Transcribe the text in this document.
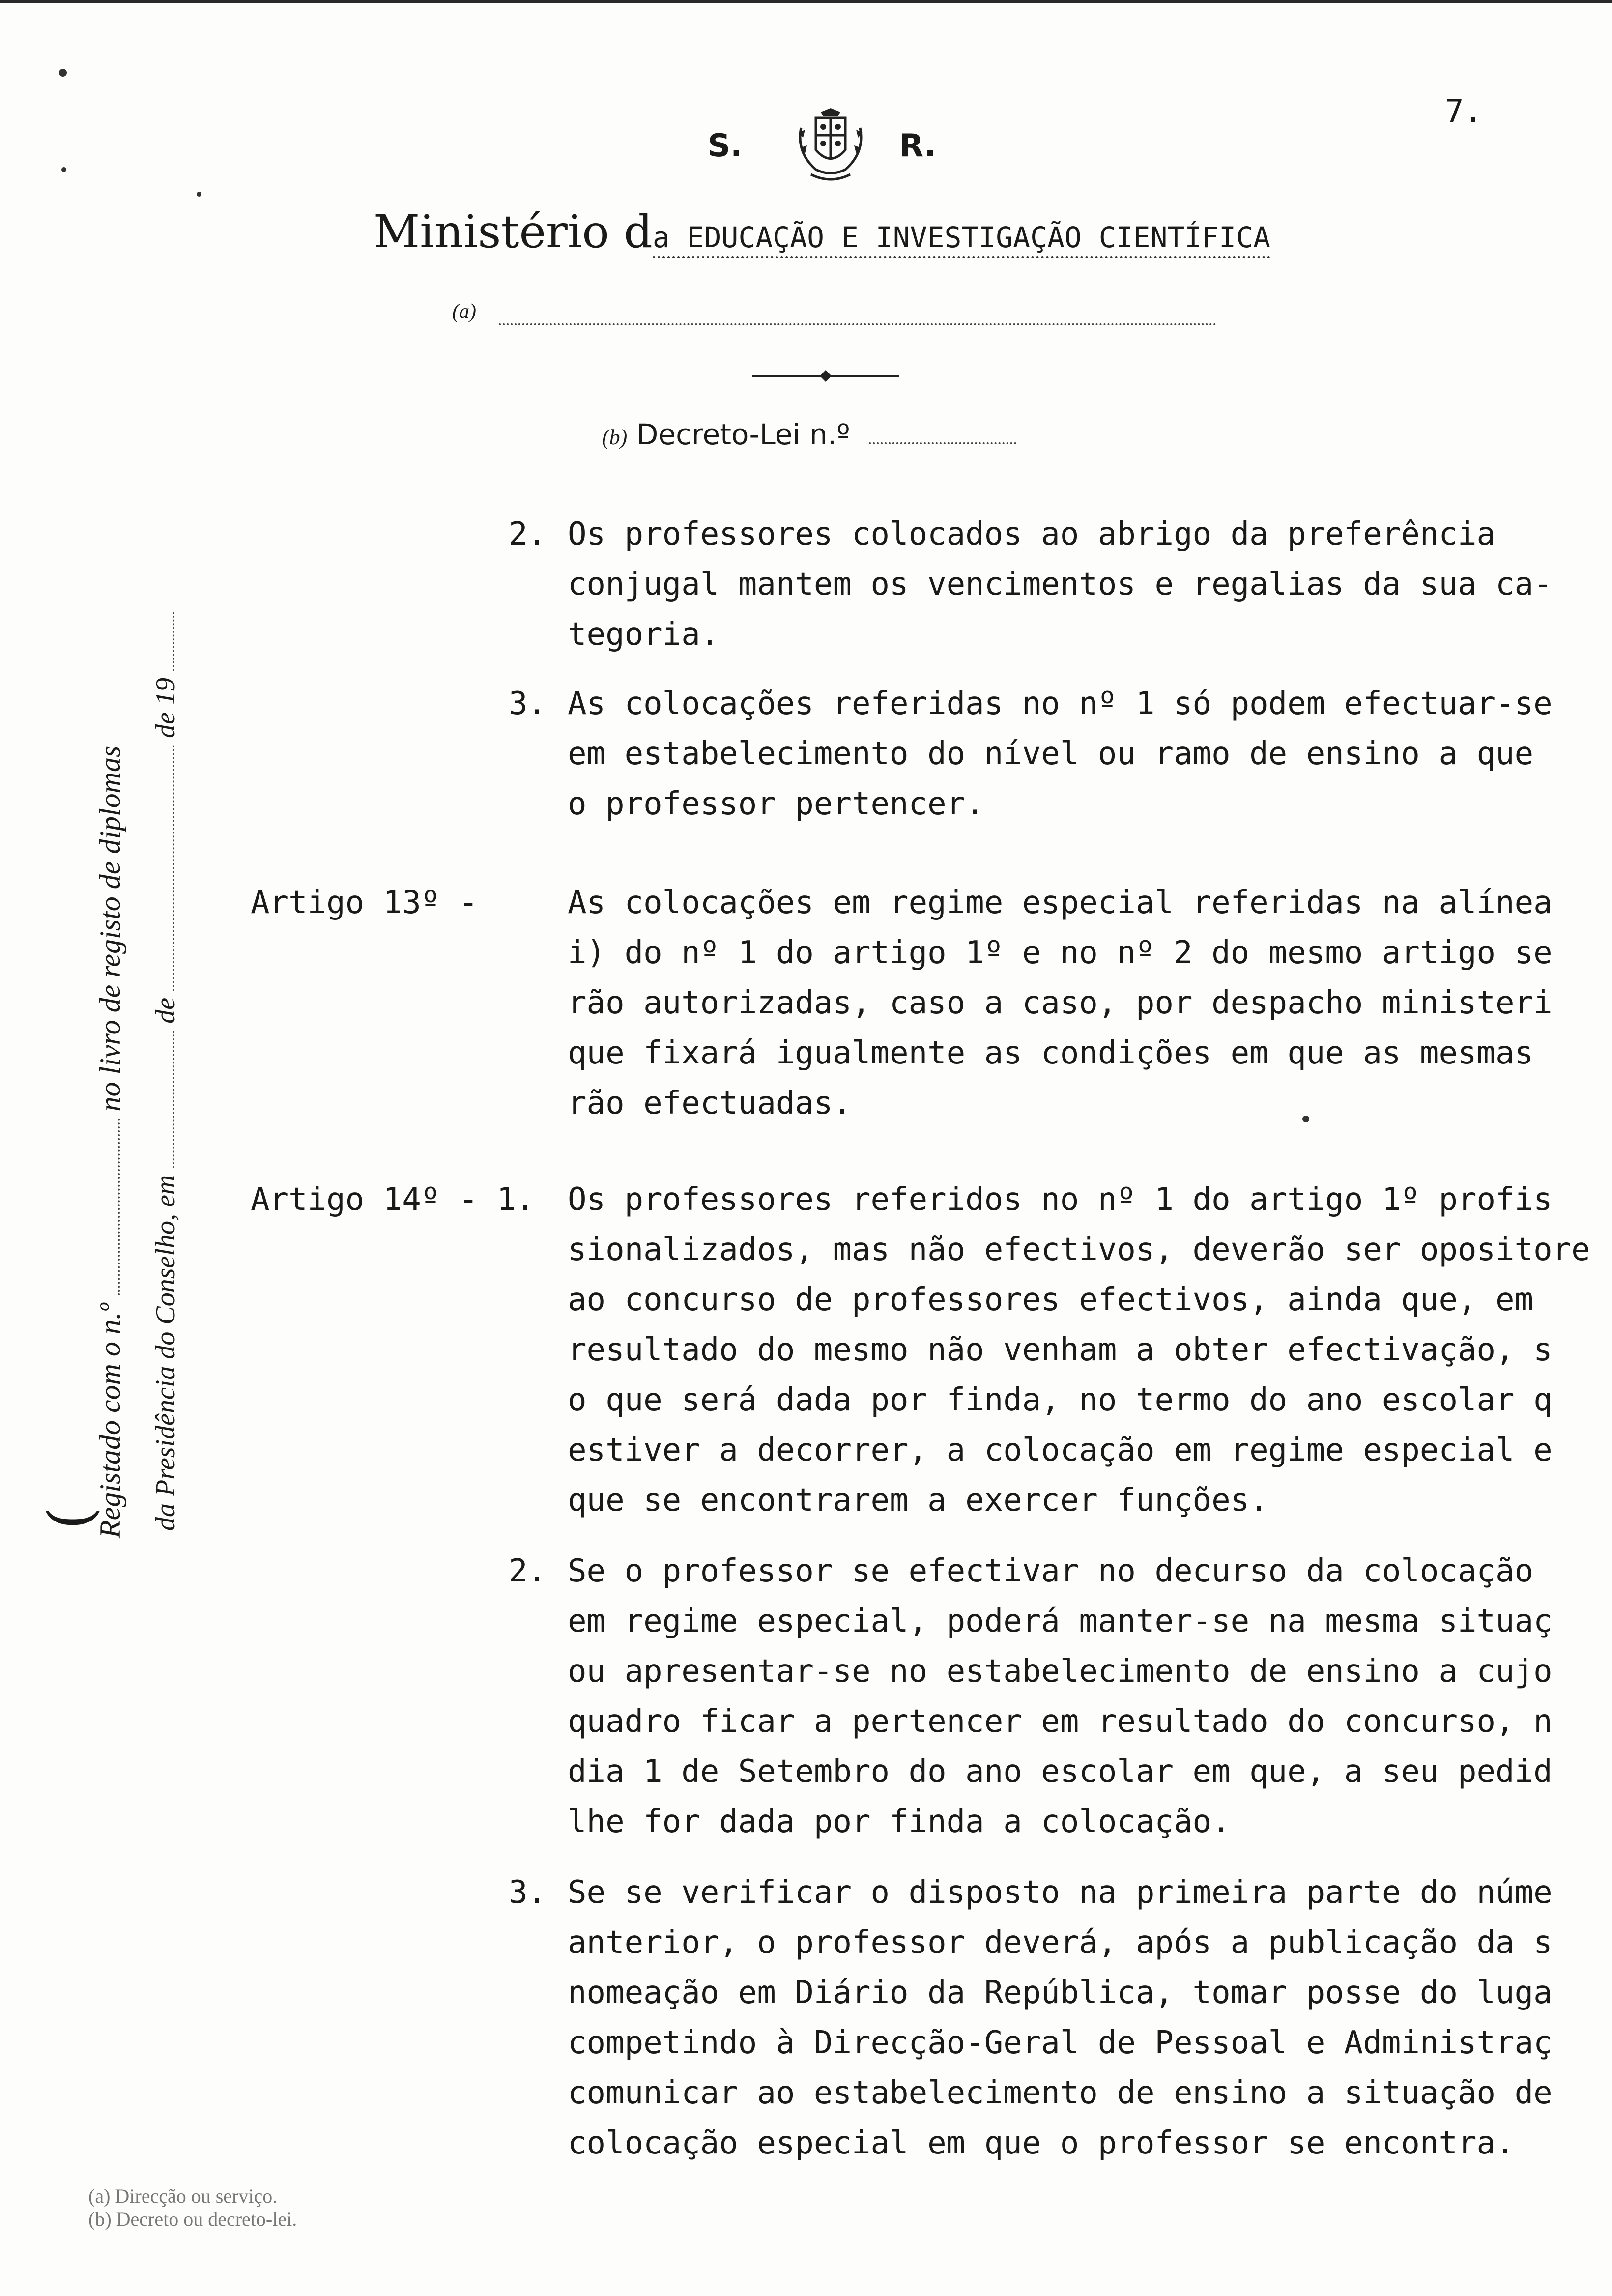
7.
S.	R.
Ministério da EDUCAÇÃO E INVESTIGAÇÃO CIENTÍFICA
(a)
(b) Decreto-Lei n.º
(
Registado com o n.º  no livro de registo de diplomas
da Presidência do Conselho, em  de  de 19
2. Os professores colocados ao abrigo da preferência
conjugal mantem os vencimentos e regalias da sua ca-
tegoria.
3. As colocações referidas no nº 1 só podem efectuar-se
em estabelecimento do nível ou ramo de ensino a que
o professor pertencer.
Artigo 13º -	As colocações em regime especial referidas na alínea
i) do nº 1 do artigo 1º e no nº 2 do mesmo artigo se
rão autorizadas, caso a caso, por despacho ministeri
que fixará igualmente as condições em que as mesmas
rão efectuadas.
Artigo 14º - 1. Os professores referidos no nº 1 do artigo 1º profis
sionalizados, mas não efectivos, deverão ser opositore
ao concurso de professores efectivos, ainda que, em
resultado do mesmo não venham a obter efectivação, s
o que será dada por finda, no termo do ano escolar q
estiver a decorrer, a colocação em regime especial e
que se encontrarem a exercer funções.
2. Se o professor se efectivar no decurso da colocação
em regime especial, poderá manter-se na mesma situaç
ou apresentar-se no estabelecimento de ensino a cujo
quadro ficar a pertencer em resultado do concurso, n
dia 1 de Setembro do ano escolar em que, a seu pedid
lhe for dada por finda a colocação.
3. Se se verificar o disposto na primeira parte do núme
anterior, o professor deverá, após a publicação da s
nomeação em Diário da República, tomar posse do luga
competindo à Direcção-Geral de Pessoal e Administraç
comunicar ao estabelecimento de ensino a situação de
colocação especial em que o professor se encontra.
(a) Direcção ou serviço.
(b) Decreto ou decreto-lei.
